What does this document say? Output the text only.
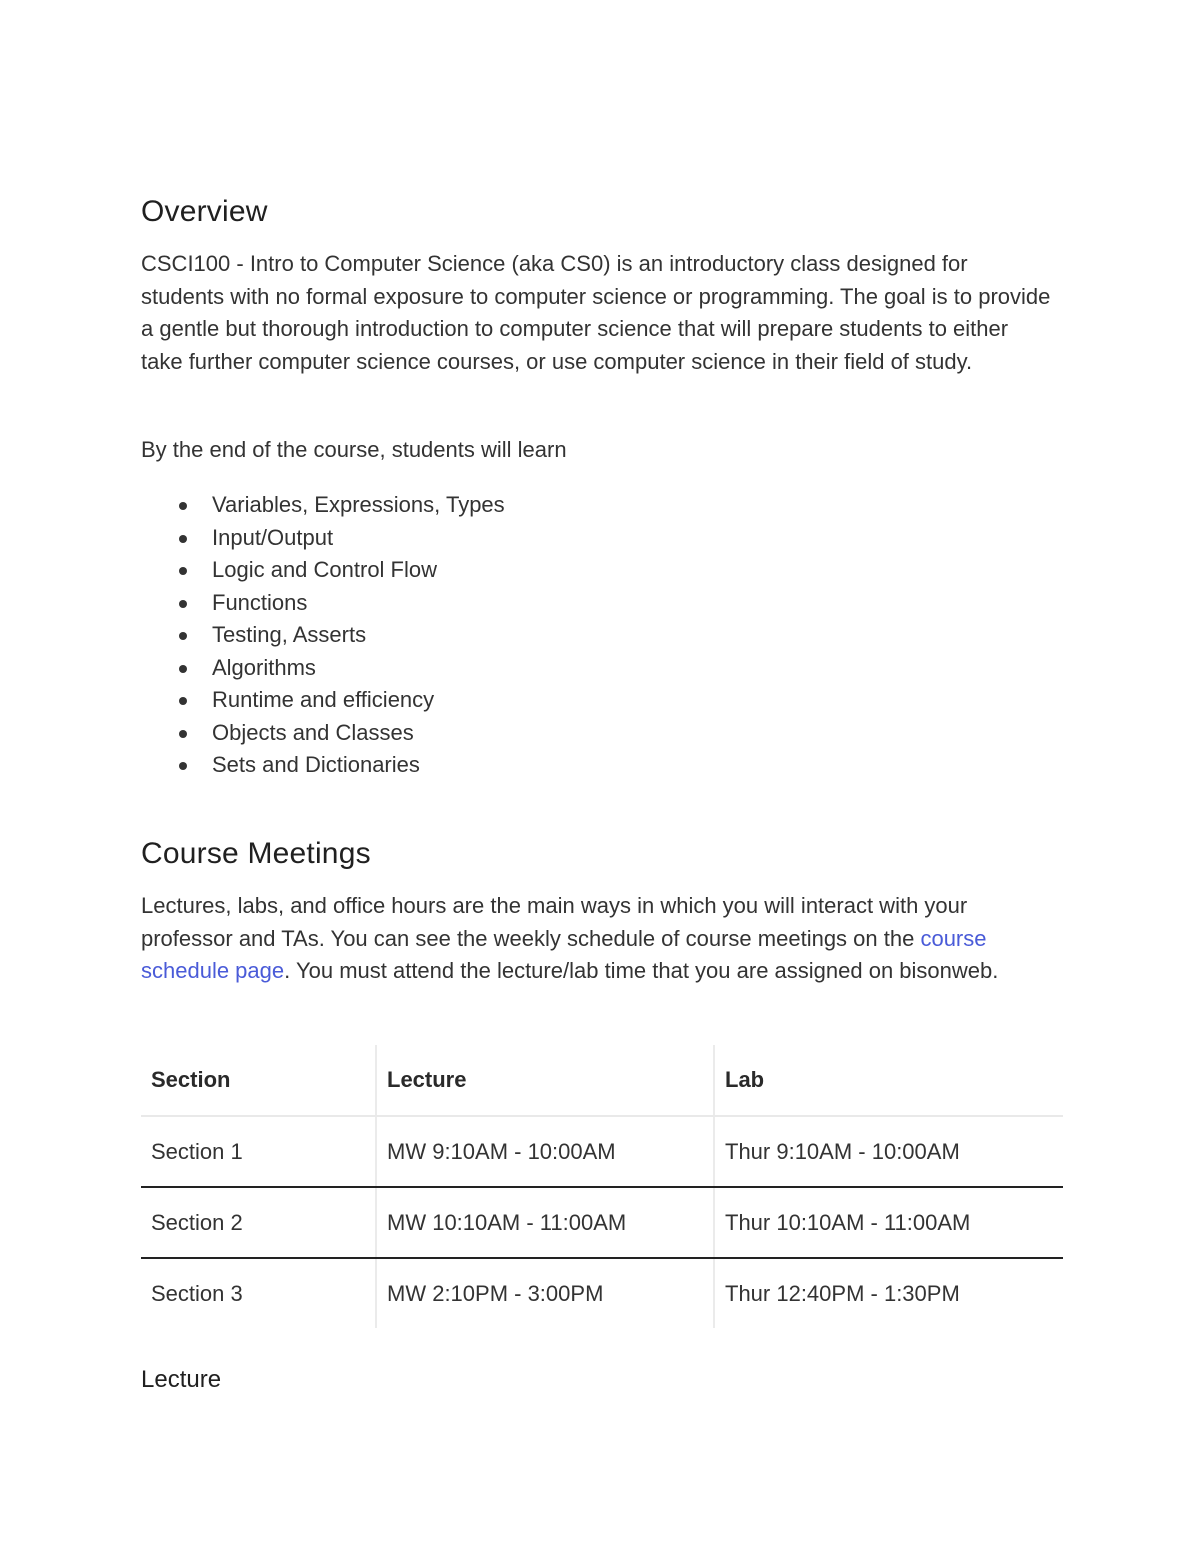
Overview

CSCI100 - Intro to Computer Science (aka CS0) is an introductory class designed for students with no formal exposure to computer science or programming. The goal is to provide a gentle but thorough introduction to computer science that will prepare students to either take further computer science courses, or use computer science in their field of study.

By the end of the course, students will learn

Variables, Expressions, Types
Input/Output
Logic and Control Flow
Functions
Testing, Asserts
Algorithms
Runtime and efficiency
Objects and Classes
Sets and Dictionaries
Course Meetings

Lectures, labs, and office hours are the main ways in which you will interact with your professor and TAs. You can see the weekly schedule of course meetings on the course schedule page. You must attend the lecture/lab time that you are assigned on bisonweb.

Section	Lecture	Lab
Section 1	MW 9:10AM - 10:00AM	Thur 9:10AM - 10:00AM
Section 2	MW 10:10AM - 11:00AM	Thur 10:10AM - 11:00AM
Section 3	MW 2:10PM - 3:00PM	Thur 12:40PM - 1:30PM
Lecture
